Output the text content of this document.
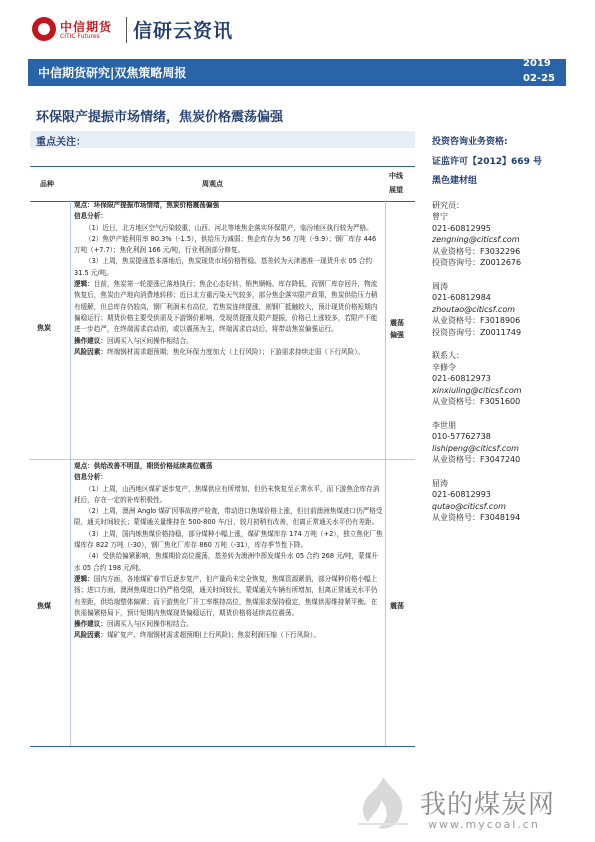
中信期货
CITIC Futures 信研云资讯
中信期货研究|双焦策略周报
2019
02-25
环保限产提振市场情绪，焦炭价格震荡偏强
重点关注：
品种	周观点
中线
展望
焦炭
震荡
偏强

观点：环保限产提振市场情绪，焦炭价格震荡偏强

信息分析：

（1）近日，北方地区空气污染较重，山西、河北等地焦企落实环保限产，临汾地区执行较为严格。

（2）焦炉产能利用率 80.3%（-1.5），供给压力减弱；焦企库存为 56 万吨（-9.9）；钢厂库存 446 万吨（+7.7）；焦化利润 166 元/吨，行业利润部分修复。

（3）上周，焦炭提涨基本落地后，焦炭现货市场价格暂稳。基差转为天津港准一现货升水 05 合约 31.5 元/吨。

逻辑：目前，焦炭第一轮提涨已落地执行；焦企心态好转、销售顺畅、库存降低，而钢厂库存回升，物流恢复后，焦炭由产地向消费地转移；近日北方重污染天气较多，部分焦企落实限产政策，焦炭供给压力稍有缓解，但总库存仍较高，钢厂利润未有高位，若焦炭连续提涨，则钢厂抵触较大，预计现货价格短期内偏稳运行；期货价格主要受供需及下游钢价影响，受现货提涨及限产提振，价格已上涨较多，若限产不能进一步趋严，在终端需求启动前，或以震荡为主，终端需求启动后，将带动焦炭偏强运行。

操作建议：回调买入与区间操作相结合。

风险因素：终端钢材需求超预期；焦化环保力度加大（上行风险）；下游需求持续走弱（下行风险）。

焦煤	震荡

观点：供给改善不明显，期货价格延续高位震荡

信息分析：

（1）上周，山西地区煤矿逐步复产，焦煤供应有所增加，但仍未恢复至正常水平，而下游焦企库存消耗后，存在一定的补库积极性。

（2）上周，澳洲 Anglo 煤矿因事故停产检查，带动进口焦煤价格上涨，但目前澳洲焦煤进口仍严格受限，通关时间较长；蒙煤通关量维持在 500-800 车/日，较月初稍有改善，但离正常通关水平仍有差距。

（3）上周，国内炼焦煤价格持稳，部分煤种小幅上涨，煤矿焦煤库存 174 万吨（+2），独立焦化厂焦煤库存 822 万吨（-30），钢厂焦化厂库存 860 万吨（-31），库存季节性下降。

（4）受供给偏紧影响，焦煤期价高位震荡，基差转为澳洲中挥发煤升水 05 合约 268 元/吨，蒙煤升水 05 合约 198 元/吨。

逻辑：国内方面，各地煤矿春节后逐步复产，但产量尚未完全恢复，焦煤资源紧俏，部分煤种价格小幅上扬；进口方面，澳洲焦煤进口仍严格受限，通关时间较长，蒙煤通关车辆有所增加，但离正常通关水平仍有差距，供给端整体偏紧；而下游焦化厂开工率维持高位，焦煤需求保持稳定，焦煤供需维持紧平衡。在供需偏紧格局下，预计短期内焦煤现货偏稳运行，期货价格将延续高位震荡。

操作建议：回调买入与区间操作相结合。

风险因素：煤矿复产、终端钢材需求超预期(上行风险)；焦炭利润压缩（下行风险）。

投资咨询业务资格:
证监许可【2012】669 号
黑色建材组
研究员：
曾宁
021-60812995
zengning@citicsf.com
从业资格号：F3032296
投资咨询号：Z0012676
周涛
021-60812984
zhoutao@citicsf.com
从业资格号：F3018906
投资咨询号：Z0011749
联系人：
辛修令
021-60812973
xinxiuling@citicsf.com
从业资格号：F3051600
李世朋
010-57762738
lishipeng@citicsf.com
从业资格号：F3047240
屈涛
021-60812993
qutao@citicsf.com
从业资格号：F3048194
我的煤炭网
www.mycoal.cn
